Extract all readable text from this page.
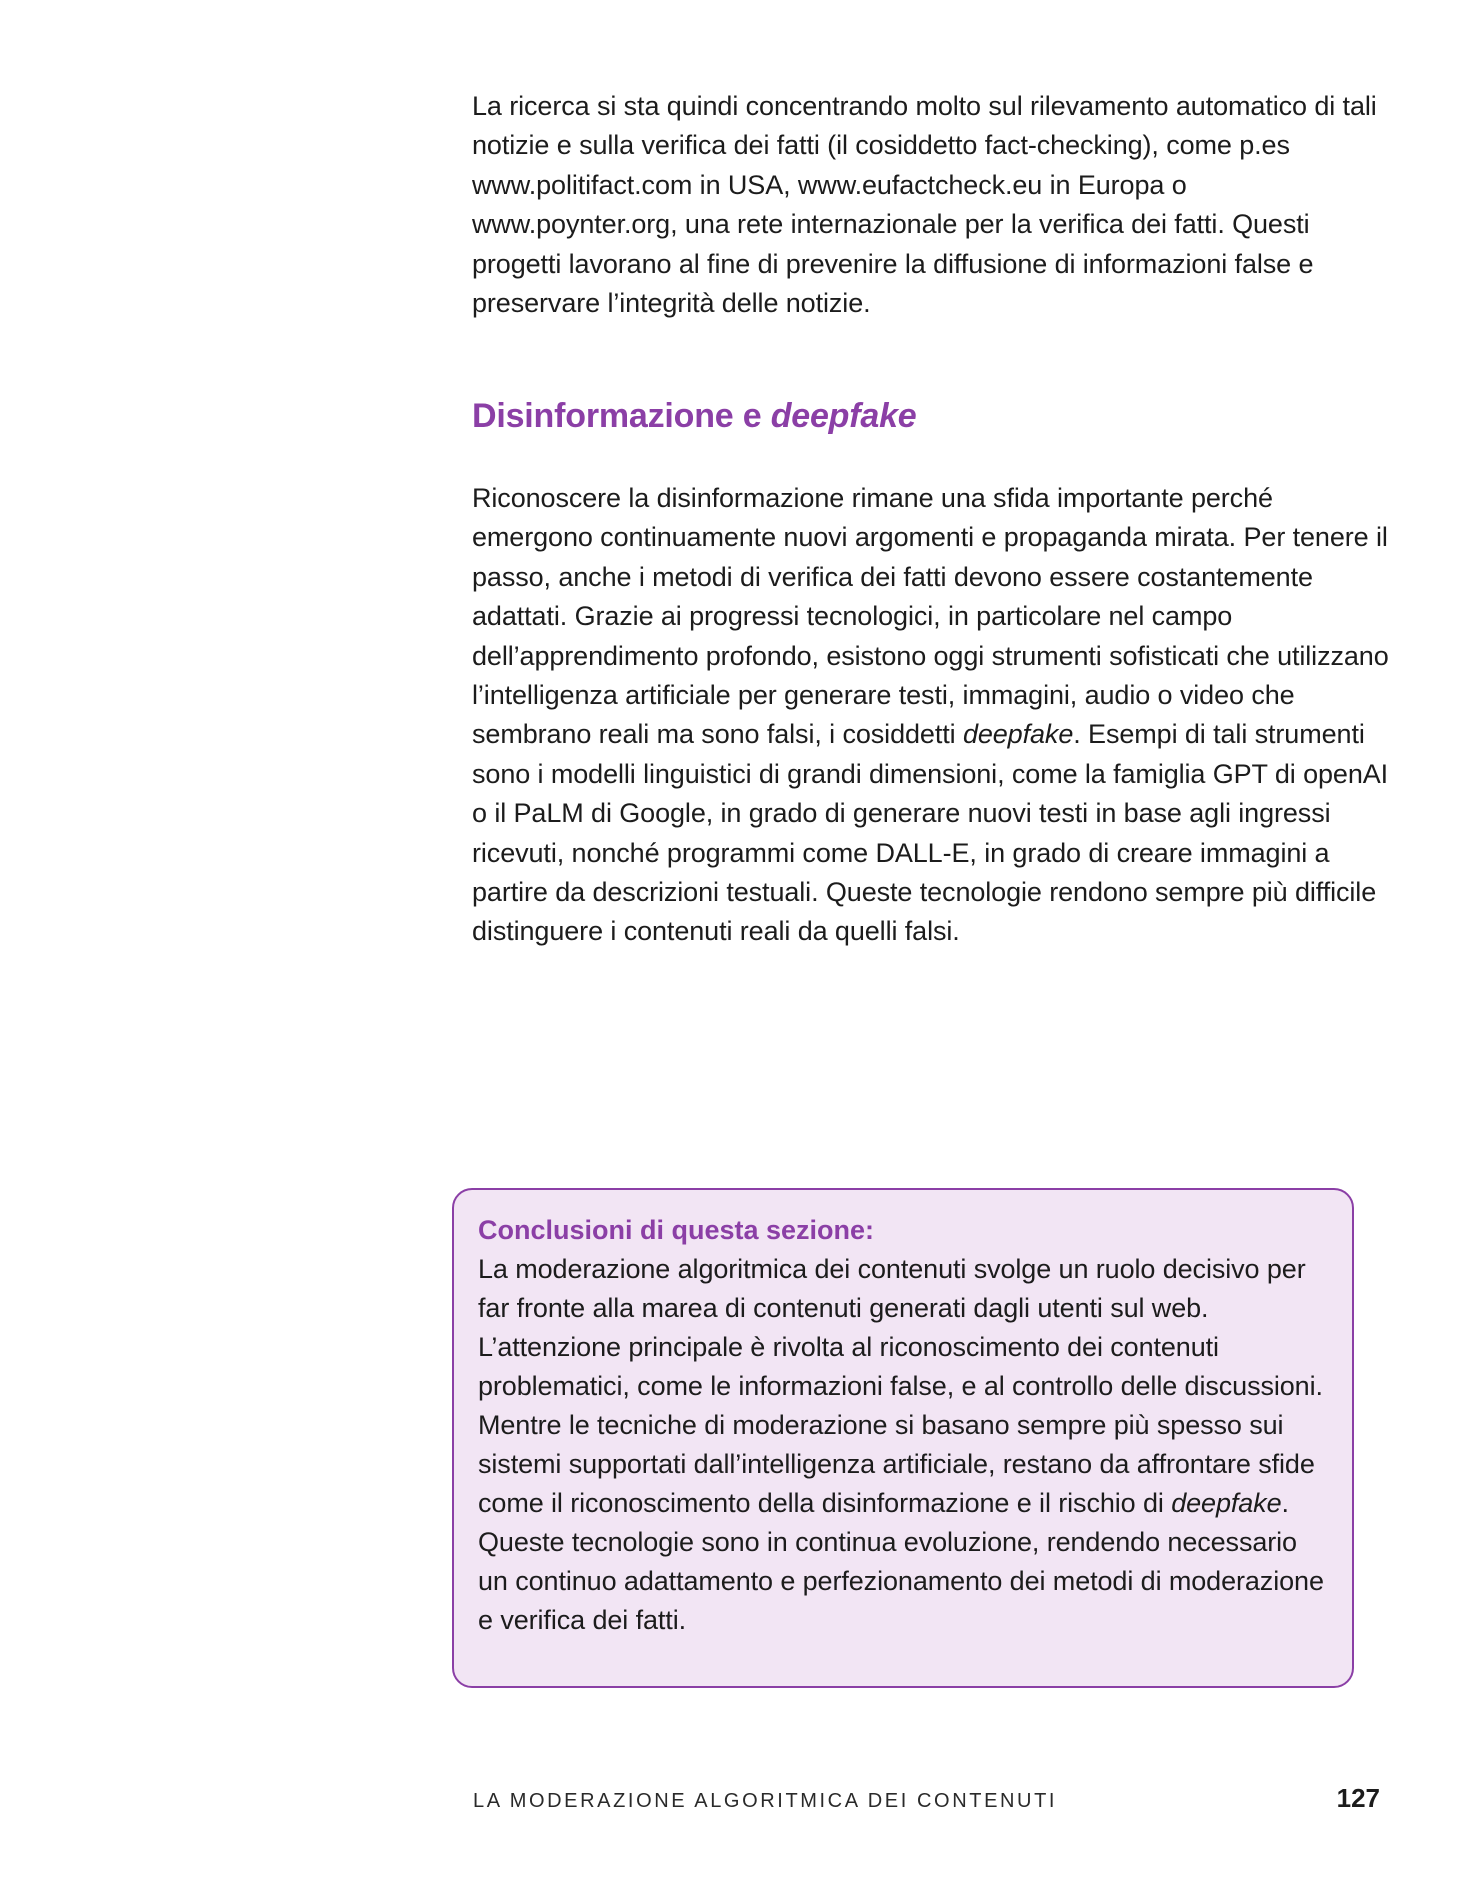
La ricerca si sta quindi concentrando molto sul rilevamento automatico di tali notizie e sulla verifica dei fatti (il cosiddetto fact-checking), come p.es www.politifact.com in USA, www.eufactcheck.eu in Europa o www.poynter.org, una rete internazionale per la verifica dei fatti. Questi progetti lavorano al fine di prevenire la diffusione di informazioni false e preservare l’integrità delle notizie.

Disinformazione e deepfake

Riconoscere la disinformazione rimane una sfida importante perché emergono continuamente nuovi argomenti e propaganda mirata. Per tenere il passo, anche i metodi di verifica dei fatti devono essere costantemente adattati. Grazie ai progressi tecnologici, in particolare nel campo dell’apprendimento profondo, esistono oggi strumenti sofisticati che utilizzano l’intelligenza artificiale per generare testi, immagini, audio o video che sembrano reali ma sono falsi, i cosiddetti deepfake. Esempi di tali strumenti sono i modelli linguistici di grandi dimensioni, come la famiglia GPT di openAI o il PaLM di Google, in grado di generare nuovi testi in base agli ingressi ricevuti, nonché programmi come DALL-E, in grado di creare immagini a partire da descrizioni testuali. Queste tecnologie rendono sempre più difficile distinguere i contenuti reali da quelli falsi.

Conclusioni di questa sezione:

La moderazione algoritmica dei contenuti svolge un ruolo decisivo per far fronte alla marea di contenuti generati dagli utenti sul web. L’attenzione principale è rivolta al riconoscimento dei contenuti problematici, come le informazioni false, e al controllo delle discussioni. Mentre le tecniche di moderazione si basano sempre più spesso sui sistemi supportati dall’intelligenza artificiale, restano da affrontare sfide come il riconoscimento della disinformazione e il rischio di deepfake. Queste tecnologie sono in continua evoluzione, rendendo necessario un continuo adattamento e perfezionamento dei metodi di moderazione e verifica dei fatti.

LA MODERAZIONE ALGORITMICA DEI CONTENUTI	127
